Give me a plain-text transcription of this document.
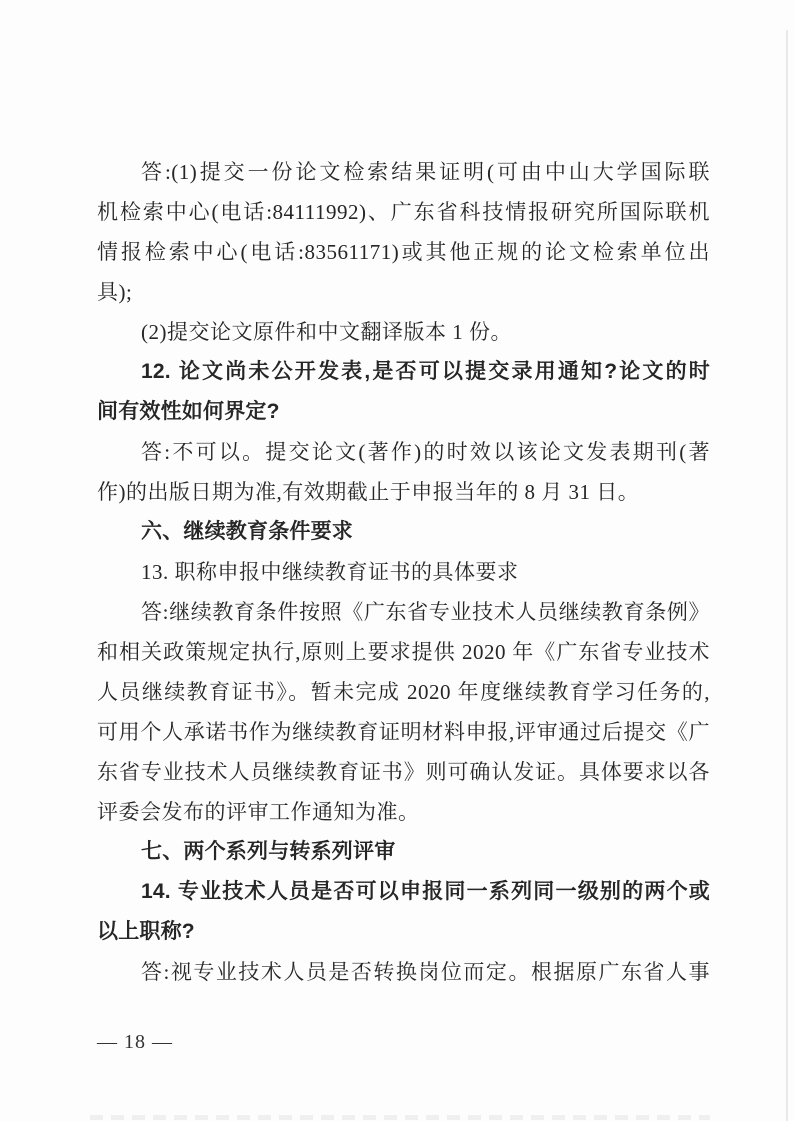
答:(1)提交一份论文检索结果证明(可由中山大学国际联
机检索中心(电话:84111992)、广东省科技情报研究所国际联机
情报检索中心(电话:83561171)或其他正规的论文检索单位出
具);
(2)提交论文原件和中文翻译版本 1 份。
12. 论文尚未公开发表,是否可以提交录用通知?论文的时
间有效性如何界定?
答:不可以。提交论文(著作)的时效以该论文发表期刊(著
作)的出版日期为准,有效期截止于申报当年的 8 月 31 日。
六、继续教育条件要求
13. 职称申报中继续教育证书的具体要求
答:继续教育条件按照《广东省专业技术人员继续教育条例》
和相关政策规定执行,原则上要求提供 2020 年《广东省专业技术
人员继续教育证书》。暂未完成 2020 年度继续教育学习任务的,
可用个人承诺书作为继续教育证明材料申报,评审通过后提交《广
东省专业技术人员继续教育证书》则可确认发证。具体要求以各
评委会发布的评审工作通知为准。
七、两个系列与转系列评审
14. 专业技术人员是否可以申报同一系列同一级别的两个或
以上职称?
答:视专业技术人员是否转换岗位而定。根据原广东省人事
— 18 —
